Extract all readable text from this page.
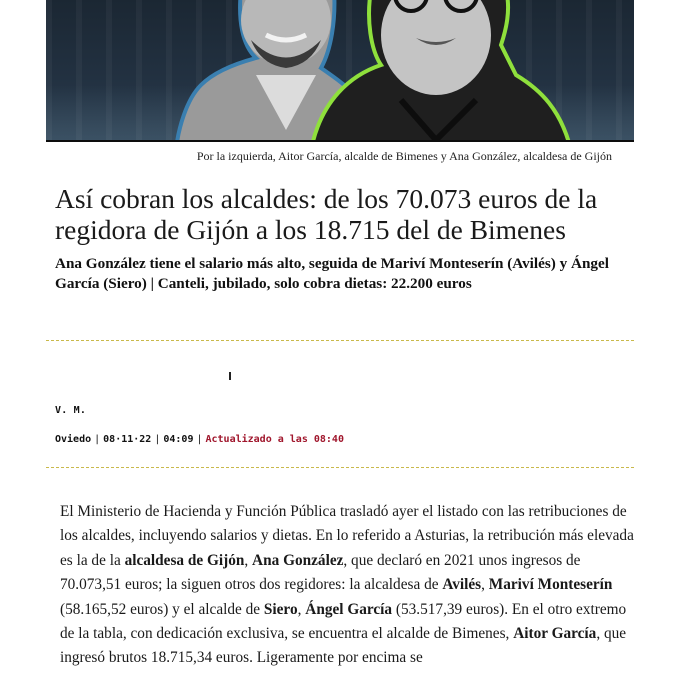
Por la izquierda, Aitor García, alcalde de Bimenes y Ana González, alcaldesa de Gijón
Así cobran los alcaldes: de los 70.073 euros de la regidora de Gijón a los 18.715 del de Bimenes
Ana González tiene el salario más alto, seguida de Mariví Monteserín (Avilés) y Ángel García (Siero) | Canteli, jubilado, solo cobra dietas: 22.200 euros
V. M.
Oviedo | 08·11·22 | 04:09 | Actualizado a las 08:40

El Ministerio de Hacienda y Función Pública trasladó ayer el listado con las retribuciones de los alcaldes, incluyendo salarios y dietas. En lo referido a Asturias, la retribución más elevada es la de la alcaldesa de Gijón, Ana González, que declaró en 2021 unos ingresos de 70.073,51 euros; la siguen otros dos regidores: la alcaldesa de Avilés, Mariví Monteserín (58.165,52 euros) y el alcalde de Siero, Ángel García (53.517,39 euros). En el otro extremo de la tabla, con dedicación exclusiva, se encuentra el alcalde de Bimenes, Aitor García, que ingresó brutos 18.715,34 euros. Ligeramente por encima se
